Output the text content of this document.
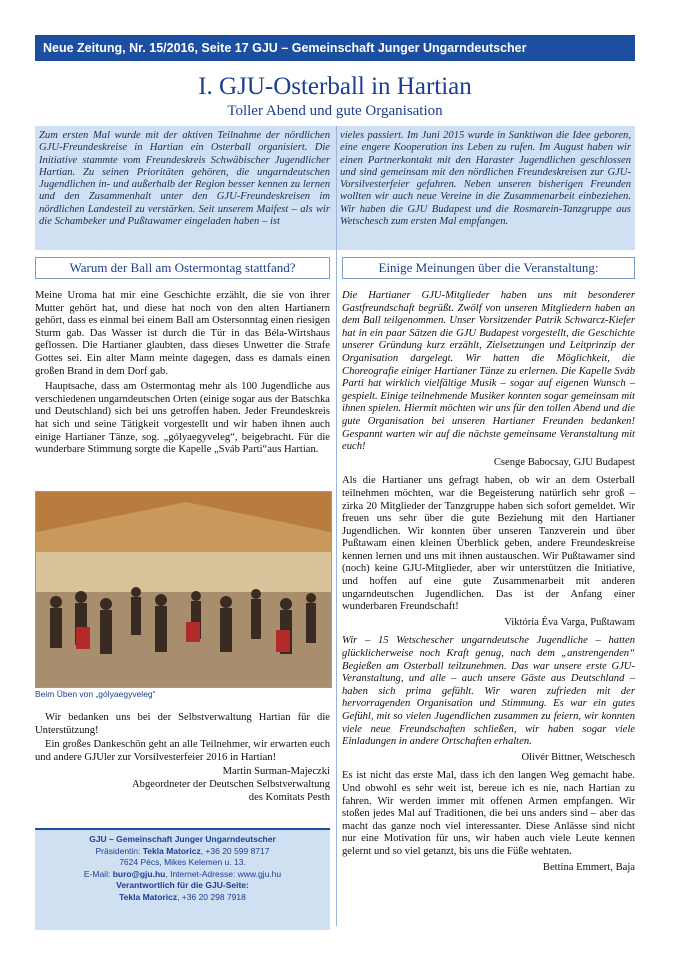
Neue Zeitung, Nr. 15/2016, Seite 17 GJU – Gemeinschaft Junger Ungarndeutscher
I. GJU-Osterball in Hartian
Toller Abend und gute Organisation
Zum ersten Mal wurde mit der aktiven Teilnahme der nördlichen GJU-Freundeskreise in Hartian ein Osterball organisiert. Die Initiative stammte vom Freundeskreis Schwäbischer Jugendlicher Hartian. Zu seinen Prioritäten gehören, die ungarndeutschen Jugendlichen in- und außerhalb der Region besser kennen zu lernen und den Zusammenhalt unter den GJU-Freundeskreisen im nördlichen Landesteil zu verstärken. Seit unserem Maifest – als wir die Schambeker und Pußtawamer eingeladen haben – ist
vieles passiert. Im Juni 2015 wurde in Sanktiwan die Idee geboren, eine engere Kooperation ins Leben zu rufen. Im August haben wir einen Partnerkontakt mit den Haraster Jugendlichen geschlossen und sind gemeinsam mit den nördlichen Freundeskreisen zur GJU-Vorsilvesterfeier gefahren. Neben unseren bisherigen Freunden wollten wir auch neue Vereine in die Zusammenarbeit einbeziehen. Wir haben die GJU Budapest und die Rosmarein-Tanzgruppe aus Wetschesch zum ersten Mal empfangen.
Warum der Ball am Ostermontag stattfand?	Einige Meinungen über die Veranstaltung:

Meine Uroma hat mir eine Geschichte erzählt, die sie von ihrer Mutter gehört hat, und diese hat noch von den alten Hartianern gehört, dass es einmal bei einem Ball am Ostersonntag einen riesigen Sturm gab. Das Wasser ist durch die Tür in das Béla-Wirtshaus geflossen. Die Hartianer glaubten, dass dieses Unwetter die Strafe Gottes sei. Ein alter Mann meinte dagegen, dass es damals einen großen Brand in dem Dorf gab.

Hauptsache, dass am Ostermontag mehr als 100 Jugendliche aus verschiedenen ungarndeutschen Orten (einige sogar aus der Batschka und Deutschland) sich bei uns getroffen haben. Jeder Freundeskreis hat sich und seine Tätigkeit vorgestellt und wir haben ihnen auch einige Hartianer Tänze, sog. „gólyaegyveleg“, beigebracht. Für die wunderbare Stimmung sorgte die Kapelle „Sváb Parti“aus Hartian.

Beim Üben von „gólyaegyveleg“

Wir bedanken uns bei der Selbstverwaltung Hartian für die Unterstützung!

Ein großes Dankeschön geht an alle Teilnehmer, wir erwarten euch und andere GJUler zur Vorsilvesterfeier 2016 in Hartian!

Martin Surman-Majeczki

Abgeordneter der Deutschen Selbstverwaltung

des Komitats Pesth

GJU – Gemeinschaft Junger Ungarndeutscher
Präsidentin: Tekla Matoricz, +36 20 599 8717
7624 Pécs, Mikes Kelemen u. 13.
E-Mail: buro@gju.hu, Internet-Adresse: www.gju.hu
Verantwortlich für die GJU-Seite:
Tekla Matoricz, +36 20 298 7918

Die Hartianer GJU-Mitglieder haben uns mit besonderer Gastfreundschaft begrüßt. Zwölf von unseren Mitgliedern haben an dem Ball teilgenommen. Unser Vorsitzender Patrik Schwarcz-Kiefer hat in ein paar Sätzen die GJU Budapest vorgestellt, die Geschichte unserer Gründung kurz erzählt, Zielsetzungen und Leitprinzip der Organisation dargelegt. Wir hatten die Möglichkeit, die Choreografie einiger Hartianer Tänze zu erlernen. Die Kapelle Sváb Parti hat wirklich vielfältige Musik – sogar auf eigenen Wunsch – gespielt. Einige teilnehmende Musiker konnten sogar gemeinsam mit ihnen spielen. Hiermit möchten wir uns für den tollen Abend und die gute Organisation bei unseren Hartianer Freunden bedanken! Gespannt warten wir auf die nächste gemeinsame Veranstaltung mit euch!

Csenge Babocsay, GJU Budapest

Als die Hartianer uns gefragt haben, ob wir an dem Osterball teilnehmen möchten, war die Begeisterung natürlich sehr groß – zirka 20 Mitglieder der Tanzgruppe haben sich sofort gemeldet. Wir freuen uns sehr über die gute Beziehung mit den Hartianer Jugendlichen. Wir konnten über unseren Tanzverein und über Pußtawam einen kleinen Überblick geben, andere Freundeskreise kennen lernen und uns mit ihnen austauschen. Wir Pußtawamer sind (noch) keine GJU-Mitglieder, aber wir unterstützen die Initiative, und hoffen auf eine gute Zusammenarbeit mit anderen ungarndeutschen Jugendlichen. Das ist der Anfang einer wunderbaren Freundschaft!

Viktória Éva Varga, Pußtawam

Wir – 15 Wetschescher ungarndeutsche Jugendliche – hatten glücklicherweise noch Kraft genug, nach dem „anstrengenden“ Begießen am Osterball teilzunehmen. Das war unsere erste GJU-Veranstaltung, und alle – auch unsere Gäste aus Deutschland – haben sich prima gefühlt. Wir waren zufrieden mit der hervorragenden Organisation und Stimmung. Es war ein gutes Gefühl, mit so vielen Jugendlichen zusammen zu feiern, wir konnten viele neue Freundschaften schließen, wir haben sogar viele Einladungen in andere Ortschaften erhalten.

Olivér Bittner, Wetschesch

Es ist nicht das erste Mal, dass ich den langen Weg gemacht habe. Und obwohl es sehr weit ist, bereue ich es nie, nach Hartian zu fahren. Wir werden immer mit offenen Armen empfangen. Wir stoßen jedes Mal auf Traditionen, die bei uns anders sind – aber das macht das ganze noch viel interessanter. Diese Anlässe sind nicht nur eine Motivation für uns, wir haben auch viele Leute kennen gelernt und so viel getanzt, bis uns die Füße wehtaten.

Bettina Emmert, Baja
